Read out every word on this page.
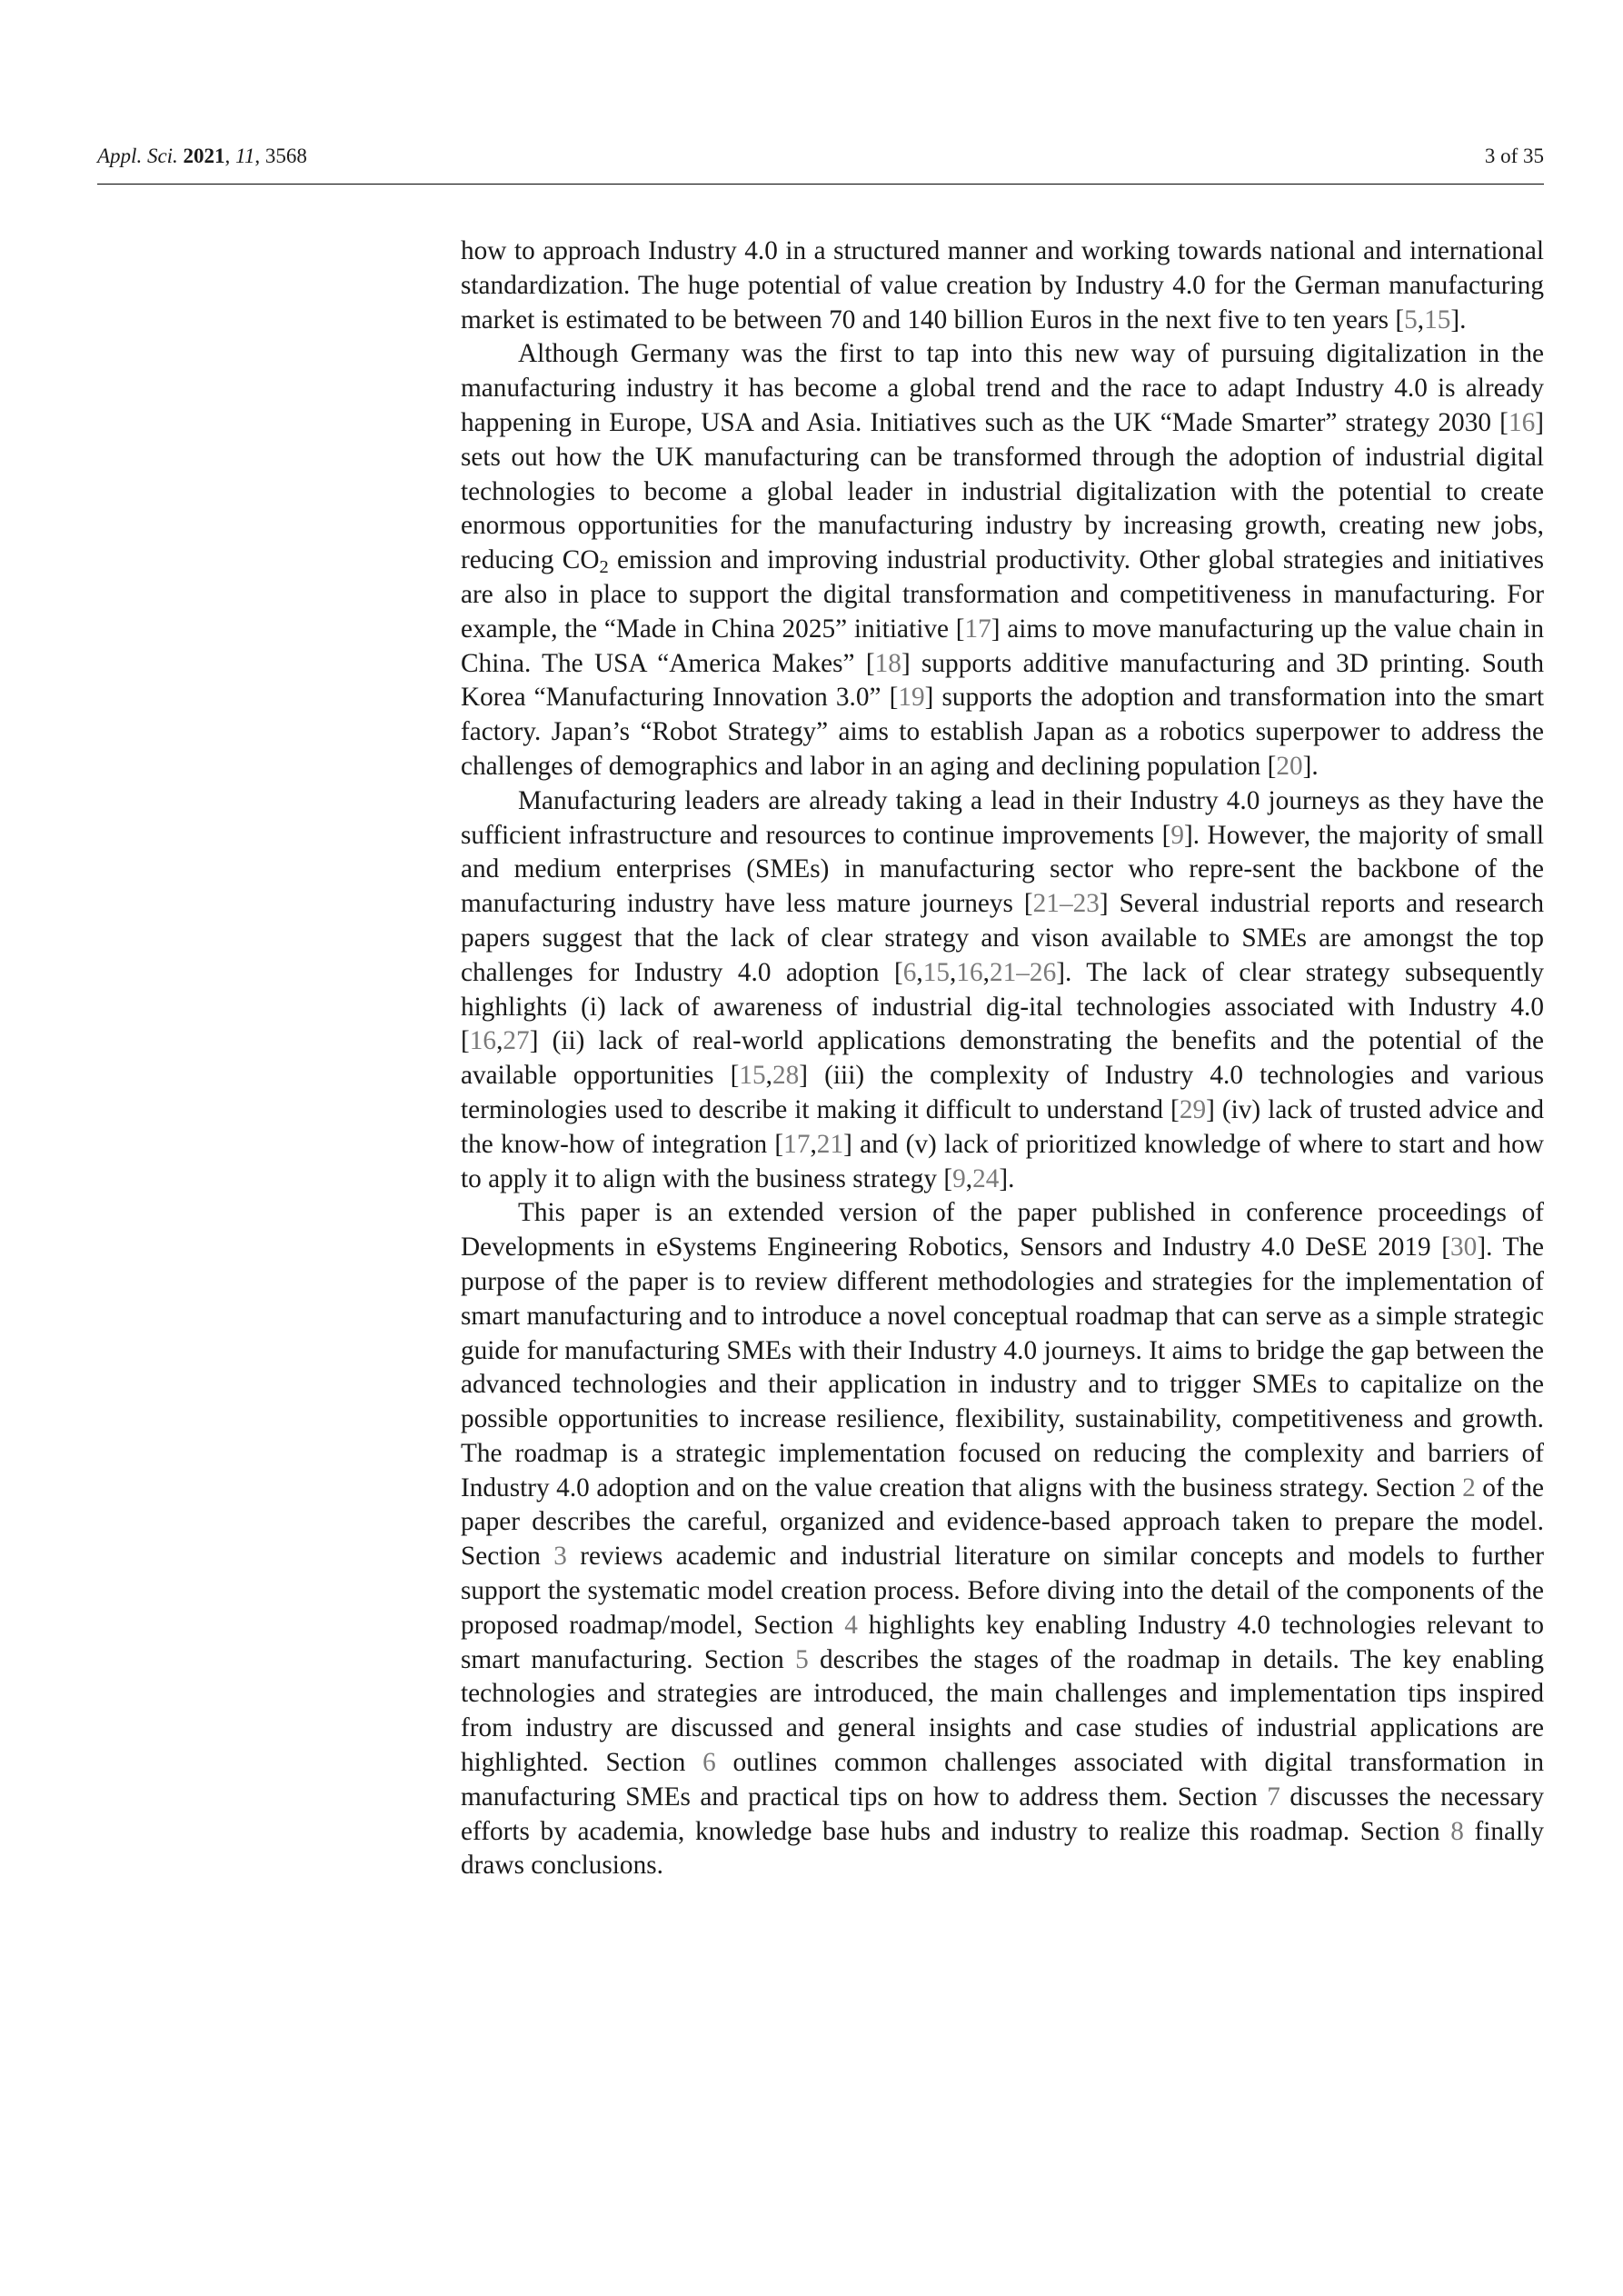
Appl. Sci. 2021, 11, 3568	3 of 35

how to approach Industry 4.0 in a structured manner and working towards national and international standardization. The huge potential of value creation by Industry 4.0 for the German manufacturing market is estimated to be between 70 and 140 billion Euros in the next five to ten years [5,15].

Although Germany was the first to tap into this new way of pursuing digitalization in the manufacturing industry it has become a global trend and the race to adapt Industry 4.0 is already happening in Europe, USA and Asia. Initiatives such as the UK “Made Smarter” strategy 2030 [16] sets out how the UK manufacturing can be transformed through the adoption of industrial digital technologies to become a global leader in industrial digitalization with the potential to create enormous opportunities for the manufacturing industry by increasing growth, creating new jobs, reducing $CO_2$ emission and improving industrial productivity. Other global strategies and initiatives are also in place to support the digital transformation and competitiveness in manufacturing. For example, the “Made in China 2025” initiative [17] aims to move manufacturing up the value chain in China. The USA “America Makes” [18] supports additive manufacturing and 3D printing. South Korea “Manufacturing Innovation 3.0” [19] supports the adoption and transformation into the smart factory. Japan’s “Robot Strategy” aims to establish Japan as a robotics superpower to address the challenges of demographics and labor in an aging and declining population [20].

Manufacturing leaders are already taking a lead in their Industry 4.0 journeys as they have the sufficient infrastructure and resources to continue improvements [9]. However, the majority of small and medium enterprises (SMEs) in manufacturing sector who repre-sent the backbone of the manufacturing industry have less mature journeys [21–23] Several industrial reports and research papers suggest that the lack of clear strategy and vison available to SMEs are amongst the top challenges for Industry 4.0 adoption [6,15,16,21–26]. The lack of clear strategy subsequently highlights (i) lack of awareness of industrial dig-ital technologies associated with Industry 4.0 [16,27] (ii) lack of real-world applications demonstrating the benefits and the potential of the available opportunities [15,28] (iii) the complexity of Industry 4.0 technologies and various terminologies used to describe it making it difficult to understand [29] (iv) lack of trusted advice and the know-how of integration [17,21] and (v) lack of prioritized knowledge of where to start and how to apply it to align with the business strategy [9,24].

This paper is an extended version of the paper published in conference proceedings of Developments in eSystems Engineering Robotics, Sensors and Industry 4.0 DeSE 2019 [30]. The purpose of the paper is to review different methodologies and strategies for the implementation of smart manufacturing and to introduce a novel conceptual roadmap that can serve as a simple strategic guide for manufacturing SMEs with their Industry 4.0 journeys. It aims to bridge the gap between the advanced technologies and their application in industry and to trigger SMEs to capitalize on the possible opportunities to increase resilience, flexibility, sustainability, competitiveness and growth. The roadmap is a strategic implementation focused on reducing the complexity and barriers of Industry 4.0 adoption and on the value creation that aligns with the business strategy. Section 2 of the paper describes the careful, organized and evidence-based approach taken to prepare the model. Section 3 reviews academic and industrial literature on similar concepts and models to further support the systematic model creation process. Before diving into the detail of the components of the proposed roadmap/model, Section 4 highlights key enabling Industry 4.0 technologies relevant to smart manufacturing. Section 5 describes the stages of the roadmap in details. The key enabling technologies and strategies are introduced, the main challenges and implementation tips inspired from industry are discussed and general insights and case studies of industrial applications are highlighted. Section 6 outlines common challenges associated with digital transformation in manufacturing SMEs and practical tips on how to address them. Section 7 discusses the necessary efforts by academia, knowledge base hubs and industry to realize this roadmap. Section 8 finally draws conclusions.
